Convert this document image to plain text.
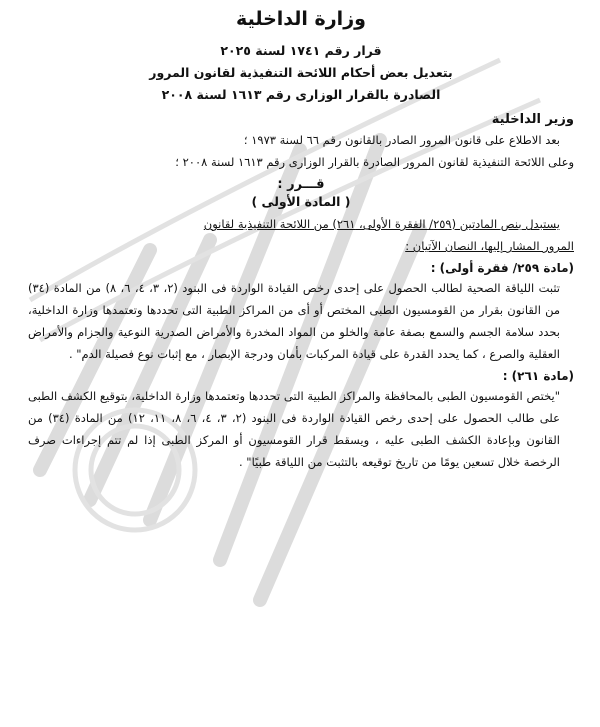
وزارة الداخلية

قرار رقم ١٧٤١ لسنة ٢٠٢٥

بتعديل بعض أحكام اللائحة التنفيذية لقانون المرور

الصادرة بالقرار الوزارى رقم ١٦١٣ لسنة ٢٠٠٨

وزير الداخلية

بعد الاطلاع على قانون المرور الصادر بالقانون رقم ٦٦ لسنة ١٩٧٣ ؛

وعلى اللائحة التنفيذية لقانون المرور الصادرة بالقرار الوزارى رقم ١٦١٣ لسنة ٢٠٠٨ ؛

قـــرر :
( المادة الأولى )

يستبدل بنص المادتين (٢٥٩/ الفقرة الأولى، ٢٦١) من اللائحة التنفيذية لقانون

المرور المشار إليها، النصان الآتيان :

(مادة ٢٥٩/ فقرة أولى) :

تثبت اللياقة الصحية لطالب الحصول على إحدى رخص القيادة الواردة فى البنود (٢، ٣، ٤، ٦، ٨) من المادة (٣٤) من القانون بقرار من القومسيون الطبى المختص أو أى من المراكز الطبية التى تحددها وتعتمدها وزارة الداخلية، بحدد سلامة الجسم والسمع بصفة عامة والخلو من المواد المخدرة والأمراض الصدرية النوعية والجزام والأمراض العقلية والصرع ، كما يحدد القدرة على قيادة المركبات بأمان ودرجة الإبصار ، مع إثبات نوع فصيلة الدم" .

(مادة ٢٦١) :

"يختص القومسيون الطبى بالمحافظة والمراكز الطبية التى تحددها وتعتمدها وزارة الداخلية، بتوقيع الكشف الطبى على طالب الحصول على إحدى رخص القيادة الواردة فى البنود (٢، ٣، ٤، ٦، ٨، ١١، ١٢) من المادة (٣٤) من القانون وبإعادة الكشف الطبى عليه ، ويسقط قرار القومسيون أو المركز الطبى إذا لم تتم إجراءات صرف الرخصة خلال تسعين يومًا من تاريخ توقيعه بالتثبت من اللياقة طبيًا" .
